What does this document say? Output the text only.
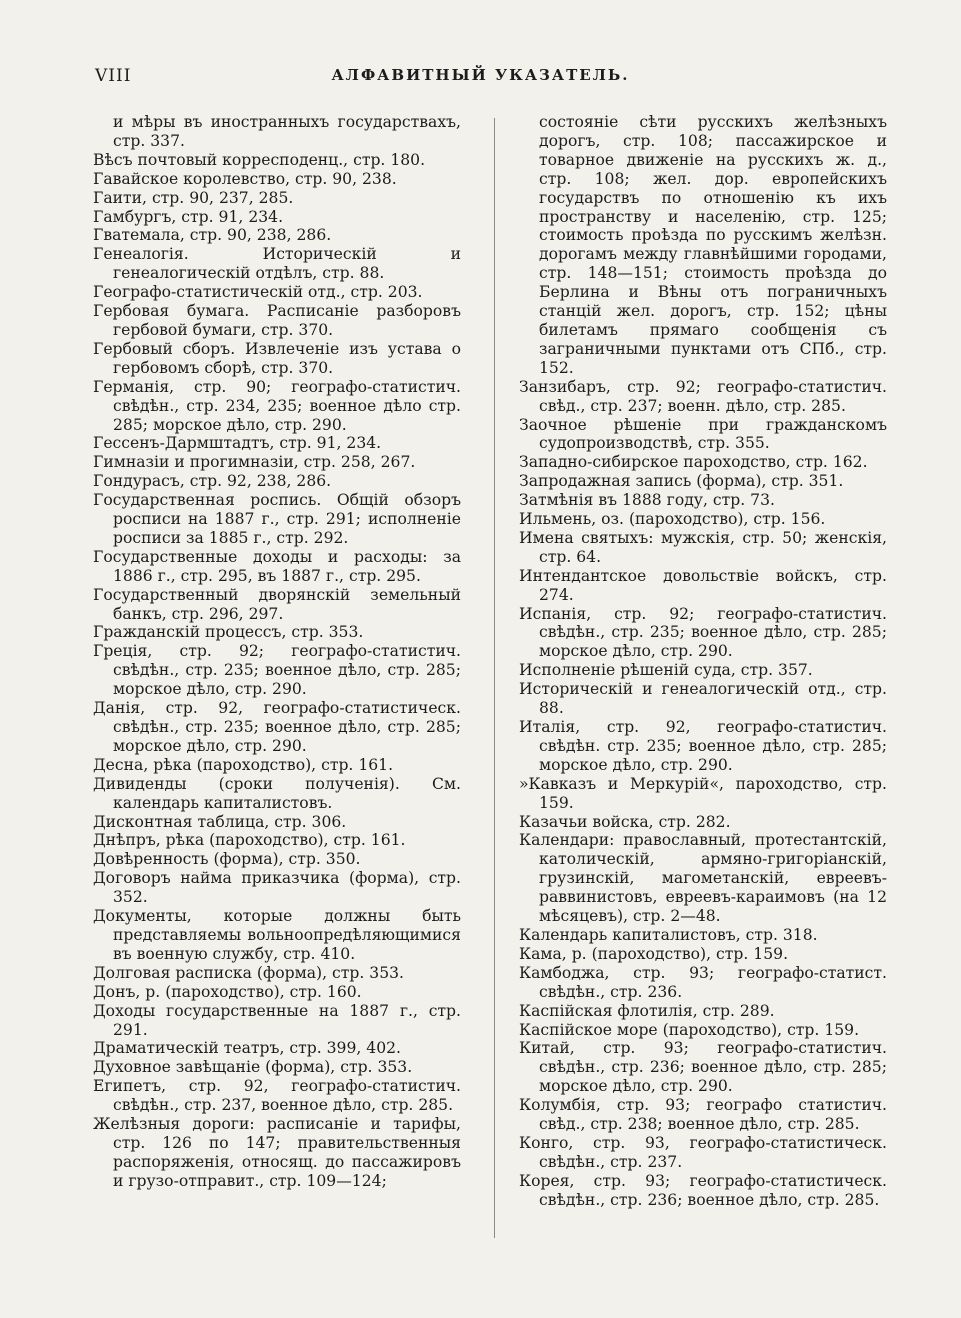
VIII	АЛФАВИТНЫЙ УКАЗАТЕЛЬ.
и мѣры въ иностранныхъ государствахъ, стр. 337.
Вѣсъ почтовый корресподенц., стр. 180.
Гавайское королевство, стр. 90, 238.
Гаити, стр. 90, 237, 285.
Гамбургъ, стр. 91, 234.
Гватемала, стр. 90, 238, 286.
Генеалогія. Историческій и генеалогическій отдѣлъ, стр. 88.
Географо-статистическій отд., стр. 203.
Гербовая бумага. Расписаніе разборовъ гербовой бумаги, стр. 370.
Гербовый сборъ. Извлеченіе изъ устава о гербовомъ сборѣ, стр. 370.
Германія, стр. 90; географо-статистич. свѣдѣн., стр. 234, 235; военное дѣло стр. 285; морское дѣло, стр. 290.
Гессенъ-Дармштадтъ, стр. 91, 234.
Гимназіи и прогимназіи, стр. 258, 267.
Гондурасъ, стр. 92, 238, 286.
Государственная роспись. Общій обзоръ росписи на 1887 г., стр. 291; исполненіе росписи за 1885 г., стр. 292.
Государственные доходы и расходы: за 1886 г., стр. 295, въ 1887 г., стр. 295.
Государственный дворянскій земельный банкъ, стр. 296, 297.
Гражданскій процессъ, стр. 353.
Греція, стр. 92; географо-статистич. свѣдѣн., стр. 235; военное дѣло, стр. 285; морское дѣло, стр. 290.
Данія, стр. 92, географо-статистическ. свѣдѣн., стр. 235; военное дѣло, стр. 285; морское дѣло, стр. 290.
Десна, рѣка (пароходство), стр. 161.
Дивиденды (сроки полученія). См. календарь капиталистовъ.
Дисконтная таблица, стр. 306.
Днѣпръ, рѣка (пароходство), стр. 161.
Довѣренность (форма), стр. 350.
Договоръ найма приказчика (форма), стр. 352.
Документы, которые должны быть представляемы вольноопредѣляющимися въ военную службу, стр. 410.
Долговая расписка (форма), стр. 353.
Донъ, р. (пароходство), стр. 160.
Доходы государственные на 1887 г., стр. 291.
Драматическій театръ, стр. 399, 402.
Духовное завѣщаніе (форма), стр. 353.
Египетъ, стр. 92, географо-статистич. свѣдѣн., стр. 237, военное дѣло, стр. 285.
Желѣзныя дороги: расписаніе и тарифы, стр. 126 по 147; правительственныя распоряженія, относящ. до пассажировъ и грузо-отправит., стр. 109—124;
состояніе сѣти русскихъ желѣзныхъ дорогъ, стр. 108; пассажирское и товарное движеніе на русскихъ ж. д., стр. 108; жел. дор. европейскихъ государствъ по отношенію къ ихъ пространству и населенію, стр. 125; стоимость проѣзда по русскимъ желѣзн. дорогамъ между главнѣйшими городами, стр. 148—151; стоимость проѣзда до Берлина и Вѣны отъ пограничныхъ станцій жел. дорогъ, стр. 152; цѣны билетамъ прямаго сообщенія съ заграничными пунктами отъ СПб., стр. 152.
Занзибаръ, стр. 92; географо-статистич. свѣд., стр. 237; военн. дѣло, стр. 285.
Заочное рѣшеніе при гражданскомъ судопроизводствѣ, стр. 355.
Западно-сибирское пароходство, стр. 162.
Запродажная запись (форма), стр. 351.
Затмѣнія въ 1888 году, стр. 73.
Ильмень, оз. (пароходство), стр. 156.
Имена святыхъ: мужскія, стр. 50; женскія, стр. 64.
Интендантское довольствіе войскъ, стр. 274.
Испанія, стр. 92; географо-статистич. свѣдѣн., стр. 235; военное дѣло, стр. 285; морское дѣло, стр. 290.
Исполненіе рѣшеній суда, стр. 357.
Историческій и генеалогическій отд., стр. 88.
Италія, стр. 92, географо-статистич. свѣдѣн. стр. 235; военное дѣло, стр. 285; морское дѣло, стр. 290.
»Кавказъ и Меркурій«, пароходство, стр. 159.
Казачьи войска, стр. 282.
Календари: православный, протестантскій, католическій, армяно-григоріанскій, грузинскій, магометанскій, евреевъ-раввинистовъ, евреевъ-караимовъ (на 12 мѣсяцевъ), стр. 2—48.
Календарь капиталистовъ, стр. 318.
Кама, р. (пароходство), стр. 159.
Камбоджа, стр. 93; географо-статист. свѣдѣн., стр. 236.
Каспійская флотилія, стр. 289.
Каспійское море (пароходство), стр. 159.
Китай, стр. 93; географо-статистич. свѣдѣн., стр. 236; военное дѣло, стр. 285; морское дѣло, стр. 290.
Колумбія, стр. 93; географо статистич. свѣд., стр. 238; военное дѣло, стр. 285.
Конго, стр. 93, географо-статистическ. свѣдѣн., стр. 237.
Корея, стр. 93; географо-статистическ. свѣдѣн., стр. 236; военное дѣло, стр. 285.
